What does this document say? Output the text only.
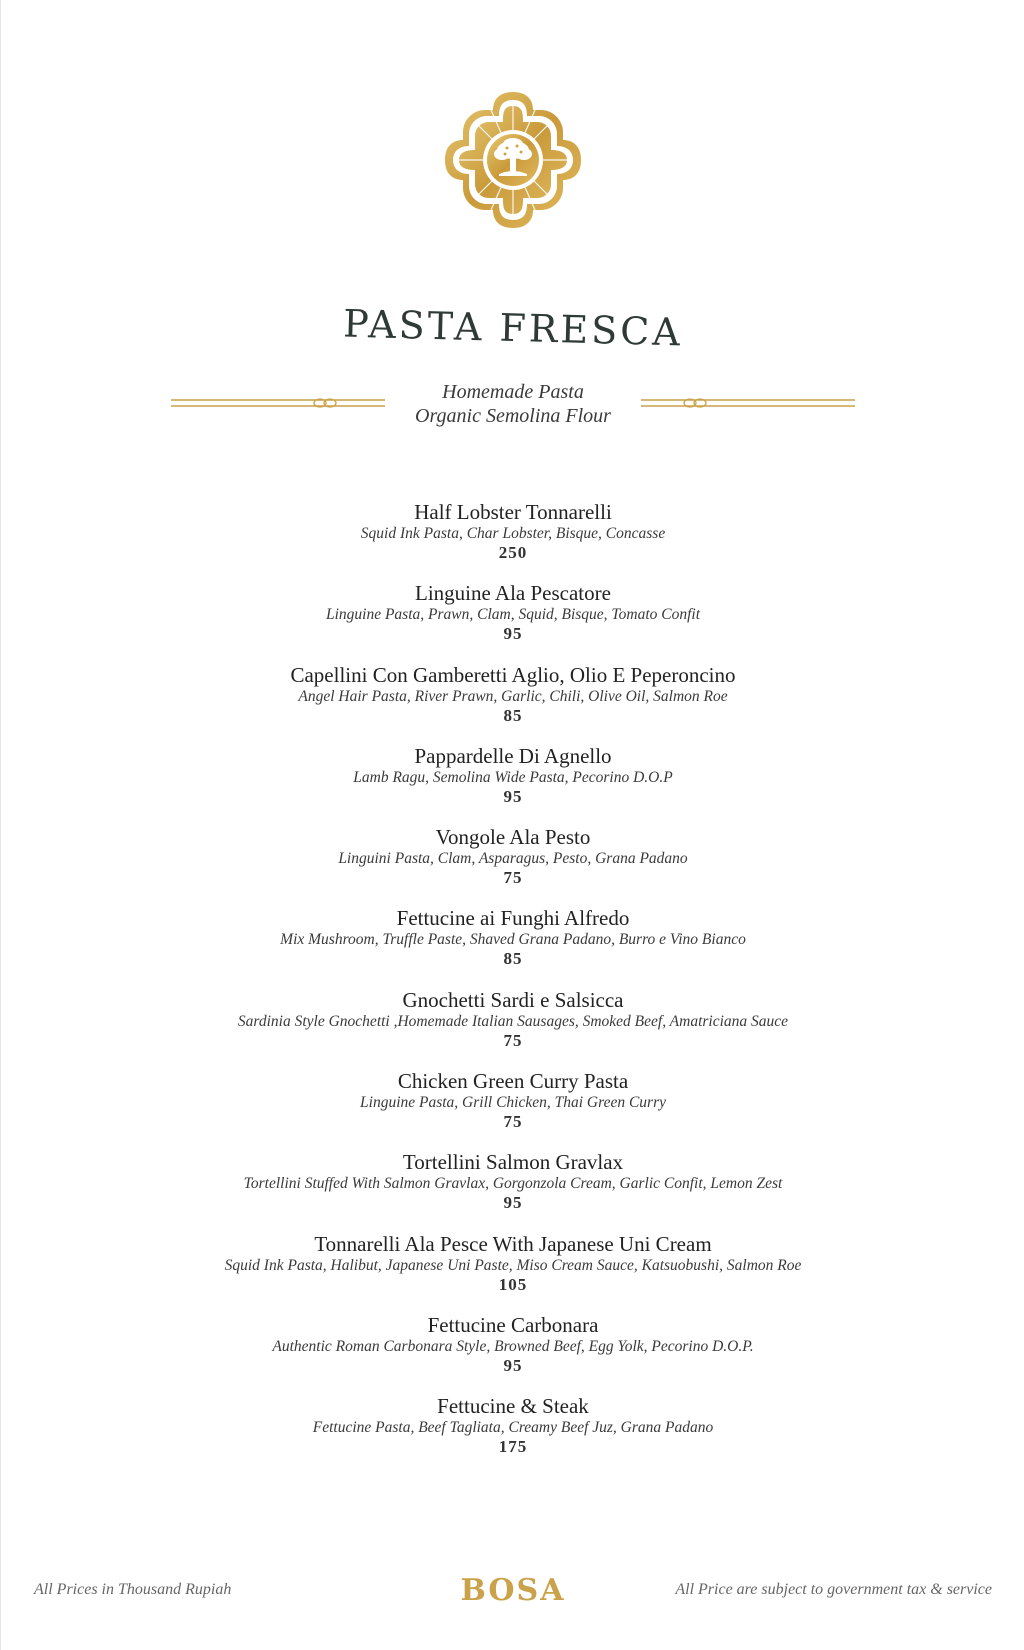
PASTA FRESCA
Homemade Pasta
Organic Semolina Flour
Half Lobster Tonnarelli
Squid Ink Pasta, Char Lobster, Bisque, Concasse
250
Linguine Ala Pescatore
Linguine Pasta, Prawn, Clam, Squid, Bisque, Tomato Confit
95
Capellini Con Gamberetti Aglio, Olio E Peperoncino
Angel Hair Pasta, River Prawn, Garlic, Chili, Olive Oil, Salmon Roe
85
Pappardelle Di Agnello
Lamb Ragu, Semolina Wide Pasta, Pecorino D.O.P
95
Vongole Ala Pesto
Linguini Pasta, Clam, Asparagus, Pesto, Grana Padano
75
Fettucine ai Funghi Alfredo
Mix Mushroom, Truffle Paste, Shaved Grana Padano, Burro e Vino Bianco
85
Gnochetti Sardi e Salsicca
Sardinia Style Gnochetti ,Homemade Italian Sausages, Smoked Beef, Amatriciana Sauce
75
Chicken Green Curry Pasta
Linguine Pasta, Grill Chicken, Thai Green Curry
75
Tortellini Salmon Gravlax
Tortellini Stuffed With Salmon Gravlax, Gorgonzola Cream, Garlic Confit, Lemon Zest
95
Tonnarelli Ala Pesce With Japanese Uni Cream
Squid Ink Pasta, Halibut, Japanese Uni Paste, Miso Cream Sauce, Katsuobushi, Salmon Roe
105
Fettucine Carbonara
Authentic Roman Carbonara Style, Browned Beef, Egg Yolk, Pecorino D.O.P.
95
Fettucine & Steak
Fettucine Pasta, Beef Tagliata, Creamy Beef Juz, Grana Padano
175
All Prices in Thousand Rupiah	BOSA	All Price are subject to government tax & service
